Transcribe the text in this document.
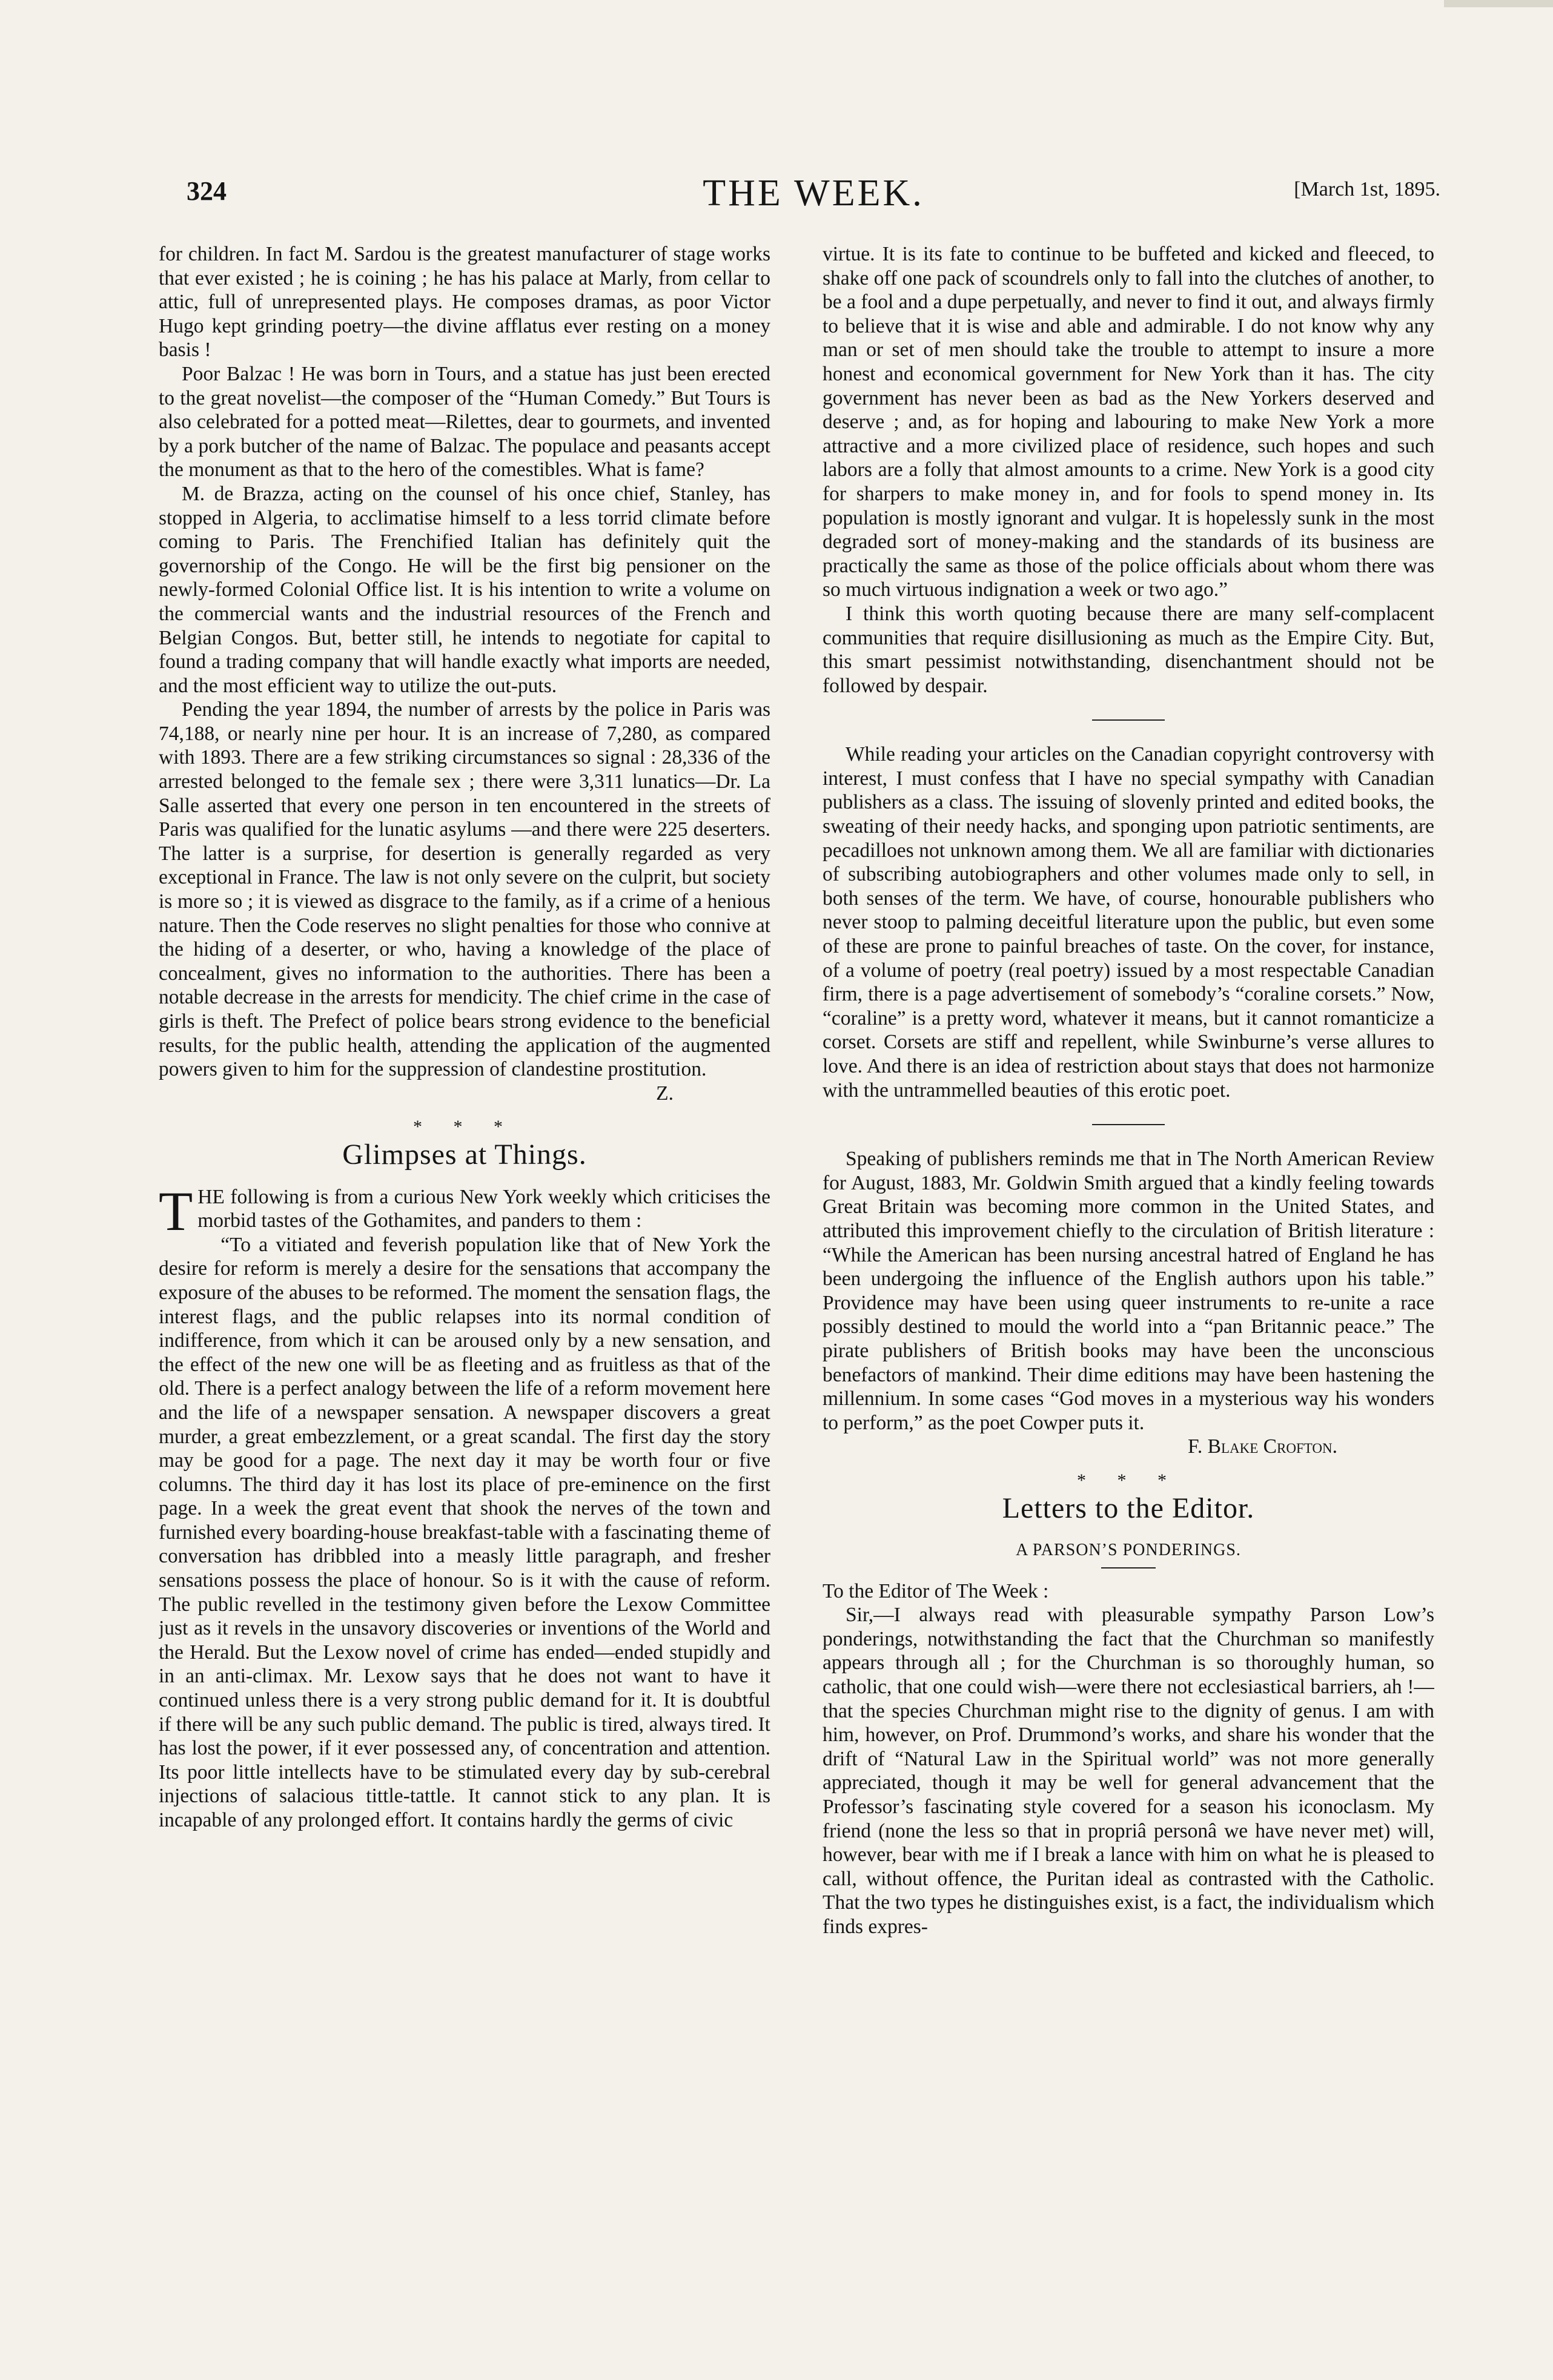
324	THE WEEK.	[March 1st, 1895.

for children. In fact M. Sardou is the greatest manufacturer of stage works that ever existed ; he is coining ; he has his palace at Marly, from cellar to attic, full of unrepresented plays. He composes dramas, as poor Victor Hugo kept grinding poetry—the divine afflatus ever resting on a money basis !

Poor Balzac ! He was born in Tours, and a statue has just been erected to the great novelist—the composer of the “Human Comedy.” But Tours is also celebrated for a potted meat—Rilettes, dear to gourmets, and invented by a pork butcher of the name of Balzac. The populace and peasants accept the monument as that to the hero of the comestibles. What is fame?

M. de Brazza, acting on the counsel of his once chief, Stanley, has stopped in Algeria, to acclimatise himself to a less torrid climate before coming to Paris. The Frenchified Italian has definitely quit the governorship of the Congo. He will be the first big pensioner on the newly-formed Colonial Office list. It is his intention to write a volume on the commercial wants and the industrial resources of the French and Belgian Congos. But, better still, he intends to negotiate for capital to found a trading company that will handle exactly what imports are needed, and the most efficient way to utilize the out-puts.

Pending the year 1894, the number of arrests by the police in Paris was 74,188, or nearly nine per hour. It is an increase of 7,280, as compared with 1893. There are a few striking circumstances so signal : 28,336 of the arrested belonged to the female sex ; there were 3,311 lunatics—Dr. La Salle asserted that every one person in ten encountered in the streets of Paris was qualified for the lunatic asylums —and there were 225 deserters. The latter is a surprise, for desertion is generally regarded as very exceptional in France. The law is not only severe on the culprit, but society is more so ; it is viewed as disgrace to the family, as if a crime of a henious nature. Then the Code reserves no slight penalties for those who connive at the hiding of a deserter, or who, having a knowledge of the place of concealment, gives no information to the authorities. There has been a notable decrease in the arrests for mendicity. The chief crime in the case of girls is theft. The Prefect of police bears strong evidence to the beneficial results, for the public health, attending the application of the augmented powers given to him for the suppression of clandestine prostitution.

Z.

* * *
Glimpses at Things.

THE following is from a curious New York weekly which criticises the morbid tastes of the Gothamites, and panders to them :

“To a vitiated and feverish population like that of New York the desire for reform is merely a desire for the sensations that accompany the exposure of the abuses to be reformed. The moment the sensation flags, the interest flags, and the public relapses into its normal condition of indifference, from which it can be aroused only by a new sensation, and the effect of the new one will be as fleeting and as fruitless as that of the old. There is a perfect analogy between the life of a reform movement here and the life of a newspaper sensation. A newspaper discovers a great murder, a great embezzlement, or a great scandal. The first day the story may be good for a page. The next day it may be worth four or five columns. The third day it has lost its place of pre-eminence on the first page. In a week the great event that shook the nerves of the town and furnished every boarding-house breakfast-table with a fascinating theme of conversation has dribbled into a measly little paragraph, and fresher sensations possess the place of honour. So is it with the cause of reform. The public revelled in the testimony given before the Lexow Committee just as it revels in the unsavory discoveries or inventions of the World and the Herald. But the Lexow novel of crime has ended—ended stupidly and in an anti-climax. Mr. Lexow says that he does not want to have it continued unless there is a very strong public demand for it. It is doubtful if there will be any such public demand. The public is tired, always tired. It has lost the power, if it ever possessed any, of concentration and attention. Its poor little intellects have to be stimulated every day by sub-cerebral injections of salacious tittle-tattle. It cannot stick to any plan. It is incapable of any prolonged effort. It contains hardly the germs of civic

virtue. It is its fate to continue to be buffeted and kicked and fleeced, to shake off one pack of scoundrels only to fall into the clutches of another, to be a fool and a dupe perpetually, and never to find it out, and always firmly to believe that it is wise and able and admirable. I do not know why any man or set of men should take the trouble to attempt to insure a more honest and economical government for New York than it has. The city government has never been as bad as the New Yorkers deserved and deserve ; and, as for hoping and labouring to make New York a more attractive and a more civilized place of residence, such hopes and such labors are a folly that almost amounts to a crime. New York is a good city for sharpers to make money in, and for fools to spend money in. Its population is mostly ignorant and vulgar. It is hopelessly sunk in the most degraded sort of money-making and the standards of its business are practically the same as those of the police officials about whom there was so much virtuous indignation a week or two ago.”

I think this worth quoting because there are many self-complacent communities that require disillusioning as much as the Empire City. But, this smart pessimist notwithstanding, disenchantment should not be followed by despair.

While reading your articles on the Canadian copyright controversy with interest, I must confess that I have no special sympathy with Canadian publishers as a class. The issuing of slovenly printed and edited books, the sweating of their needy hacks, and sponging upon patriotic sentiments, are pecadilloes not unknown among them. We all are familiar with dictionaries of subscribing autobiographers and other volumes made only to sell, in both senses of the term. We have, of course, honourable publishers who never stoop to palming deceitful literature upon the public, but even some of these are prone to painful breaches of taste. On the cover, for instance, of a volume of poetry (real poetry) issued by a most respectable Canadian firm, there is a page advertisement of somebody’s “coraline corsets.” Now, “coraline” is a pretty word, whatever it means, but it cannot romanticize a corset. Corsets are stiff and repellent, while Swinburne’s verse allures to love. And there is an idea of restriction about stays that does not harmonize with the untrammelled beauties of this erotic poet.

Speaking of publishers reminds me that in The North American Review for August, 1883, Mr. Goldwin Smith argued that a kindly feeling towards Great Britain was becoming more common in the United States, and attributed this improvement chiefly to the circulation of British literature : “While the American has been nursing ancestral hatred of England he has been undergoing the influence of the English authors upon his table.” Providence may have been using queer instruments to re-unite a race possibly destined to mould the world into a “pan Britannic peace.” The pirate publishers of British books may have been the unconscious benefactors of mankind. Their dime editions may have been hastening the millennium. In some cases “God moves in a mysterious way his wonders to perform,” as the poet Cowper puts it.

F. Blake Crofton.

* * *
Letters to the Editor.
A PARSON’S PONDERINGS.

To the Editor of The Week :

Sir,—I always read with pleasurable sympathy Parson Low’s ponderings, notwithstanding the fact that the Churchman so manifestly appears through all ; for the Churchman is so thoroughly human, so catholic, that one could wish—were there not ecclesiastical barriers, ah !—that the species Churchman might rise to the dignity of genus. I am with him, however, on Prof. Drummond’s works, and share his wonder that the drift of “Natural Law in the Spiritual world” was not more generally appreciated, though it may be well for general advancement that the Professor’s fascinating style covered for a season his iconoclasm. My friend (none the less so that in propriâ personâ we have never met) will, however, bear with me if I break a lance with him on what he is pleased to call, without offence, the Puritan ideal as contrasted with the Catholic. That the two types he distinguishes exist, is a fact, the individualism which finds expres-
